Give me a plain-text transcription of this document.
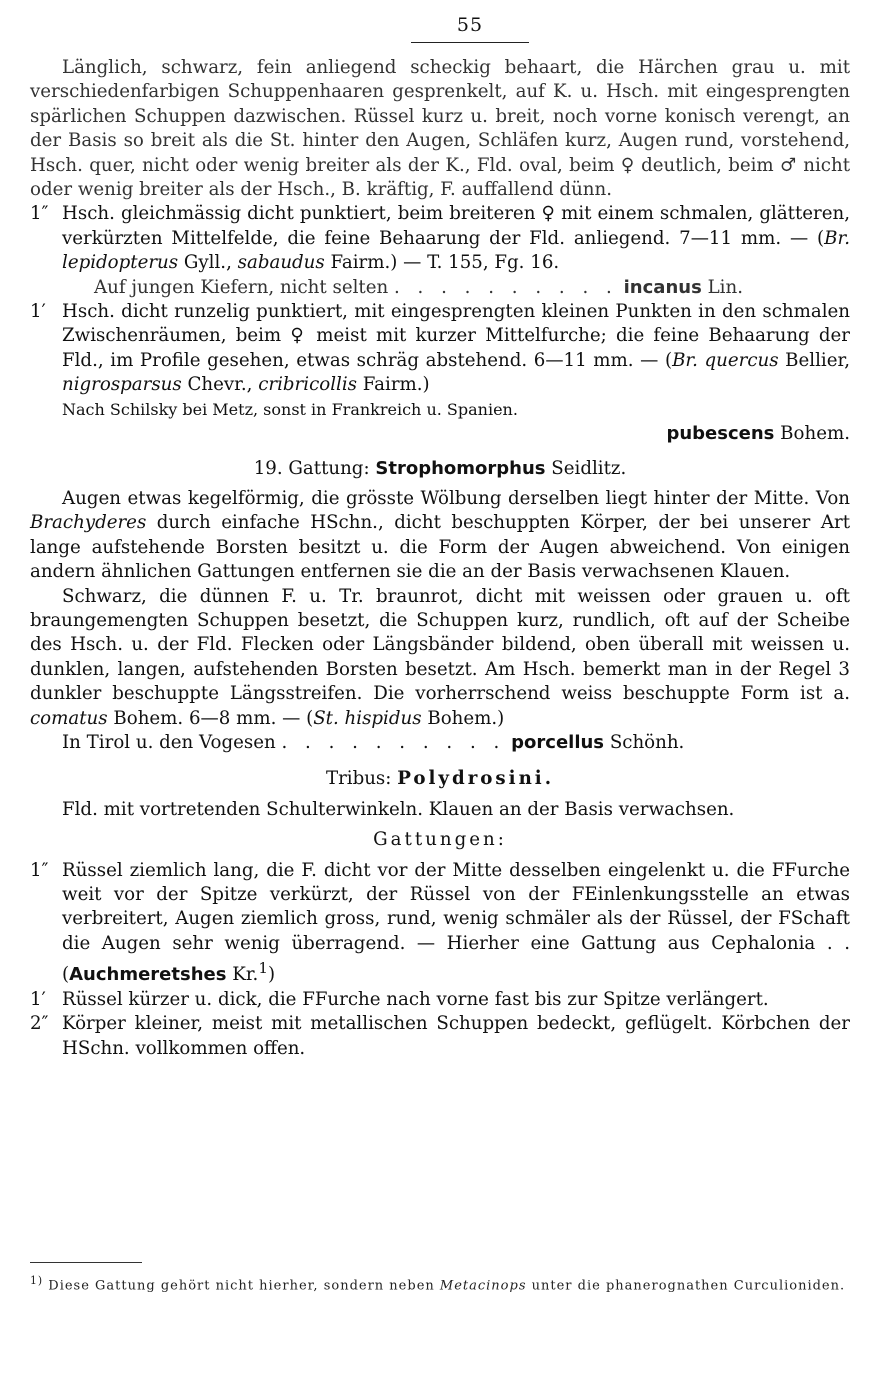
55

Länglich, schwarz, fein anliegend scheckig behaart, die Härchen grau u. mit verschiedenfarbigen Schuppenhaaren gesprenkelt, auf K. u. Hsch. mit eingesprengten spärlichen Schuppen dazwischen. Rüssel kurz u. breit, noch vorne konisch verengt, an der Basis so breit als die St. hinter den Augen, Schläfen kurz, Augen rund, vorstehend, Hsch. quer, nicht oder wenig breiter als der K., Fld. oval, beim ♀ deutlich, beim ♂ nicht oder wenig breiter als der Hsch., B. kräftig, F. auffallend dünn.

1″ Hsch. gleichmässig dicht punktiert, beim breiteren ♀ mit einem schmalen, glätteren, verkürzten Mittelfelde, die feine Behaarung der Fld. anliegend. 7—11 mm. — (Br. lepidopterus Gyll., sabaudus Fairm.) — T. 155, Fg. 16.
Auf jungen Kiefern, nicht selten . . . . . . . . . . incanus Lin.
1′ Hsch. dicht runzelig punktiert, mit eingesprengten kleinen Punkten in den schmalen Zwischenräumen, beim ♀ meist mit kurzer Mittelfurche; die feine Behaarung der Fld., im Profile gesehen, etwas schräg abstehend. 6—11 mm. — (Br. quercus Bellier, nigrosparsus Chevr., cribricollis Fairm.)
Nach Schilsky bei Metz, sonst in Frankreich u. Spanien.
pubescens Bohem.
19. Gattung: Strophomorphus Seidlitz.

Augen etwas kegelförmig, die grösste Wölbung derselben liegt hinter der Mitte. Von Brachyderes durch einfache HSchn., dicht beschuppten Körper, der bei unserer Art lange aufstehende Borsten besitzt u. die Form der Augen abweichend. Von einigen andern ähnlichen Gattungen entfernen sie die an der Basis verwachsenen Klauen.

Schwarz, die dünnen F. u. Tr. braunrot, dicht mit weissen oder grauen u. oft braungemengten Schuppen besetzt, die Schuppen kurz, rundlich, oft auf der Scheibe des Hsch. u. der Fld. Flecken oder Längsbänder bildend, oben überall mit weissen u. dunklen, langen, aufstehenden Borsten besetzt. Am Hsch. bemerkt man in der Regel 3 dunkler beschuppte Längsstreifen. Die vorherrschend weiss beschuppte Form ist a. comatus Bohem. 6—8 mm. — (St. hispidus Bohem.)

In Tirol u. den Vogesen . . . . . . . . . . porcellus Schönh.
Tribus: Polydrosini.

Fld. mit vortretenden Schulterwinkeln. Klauen an der Basis verwachsen.

Gattungen:
1″ Rüssel ziemlich lang, die F. dicht vor der Mitte desselben eingelenkt u. die FFurche weit vor der Spitze verkürzt, der Rüssel von der FEinlenkungsstelle an etwas verbreitert, Augen ziemlich gross, rund, wenig schmäler als der Rüssel, der FSchaft die Augen sehr wenig überragend. — Hierher eine Gattung aus Cephalonia . . (Auchmeretshes Kr.$^1$)
1′ Rüssel kürzer u. dick, die FFurche nach vorne fast bis zur Spitze verlängert.
2″ Körper kleiner, meist mit metallischen Schuppen bedeckt, geflügelt. Körbchen der HSchn. vollkommen offen.
$^{1)}$ Diese Gattung gehört nicht hierher, sondern neben Metacinops unter die phanerognathen Curculioniden.
